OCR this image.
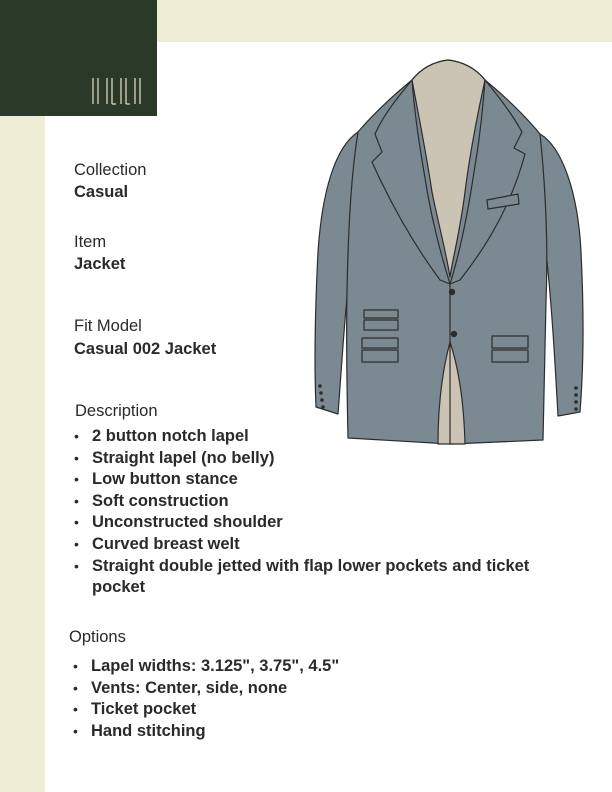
Collection
Casual
Item
Jacket
Fit Model
Casual 002 Jacket
Description
• 2 button notch lapel
• Straight lapel (no belly)
• Low button stance
• Soft construction
• Unconstructed shoulder
• Curved breast welt
• Straight double jetted with flap lower pockets and ticket pocket
Options
• Lapel widths: 3.125", 3.75", 4.5"
• Vents: Center, side, none
• Ticket pocket
• Hand stitching
